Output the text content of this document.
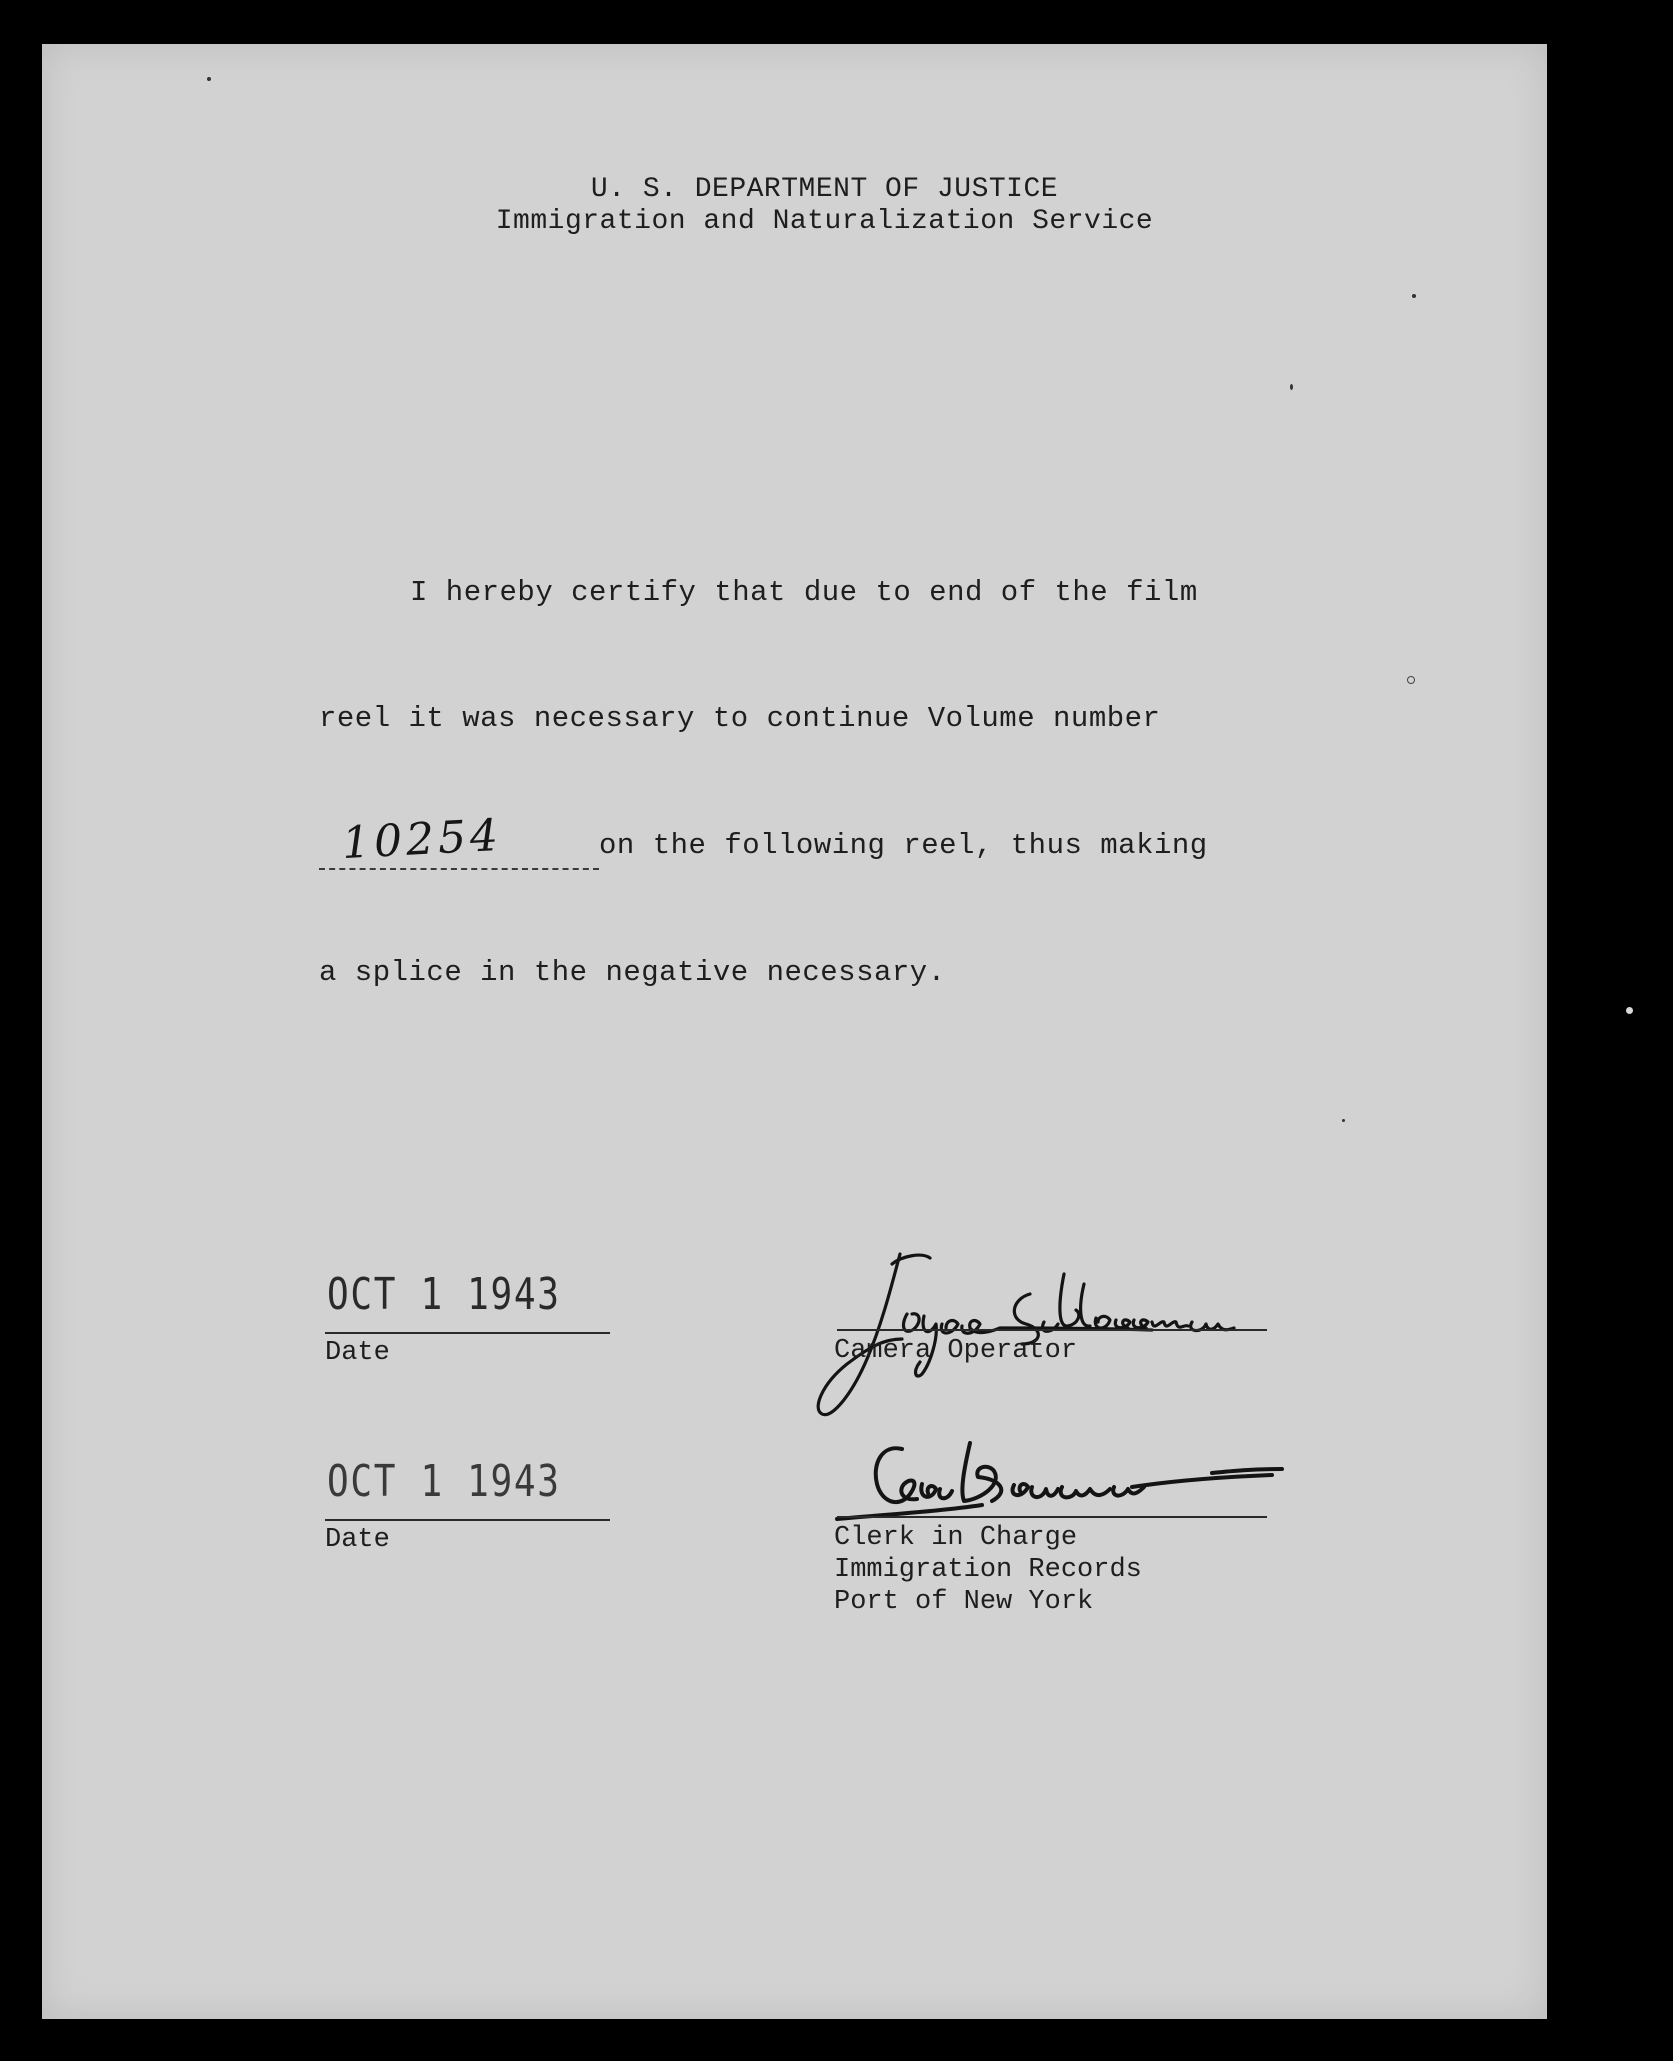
U. S. DEPARTMENT OF JUSTICE
Immigration and Naturalization Service
I hereby certify that due to end of the film
reel it was necessary to continue Volume number
10254	on the following reel, thus making
a splice in the negative necessary.
OCT 1 1943
Date	Camera Operator
OCT 1 1943
Date	Clerk in Charge
Immigration Records
Port of New York
